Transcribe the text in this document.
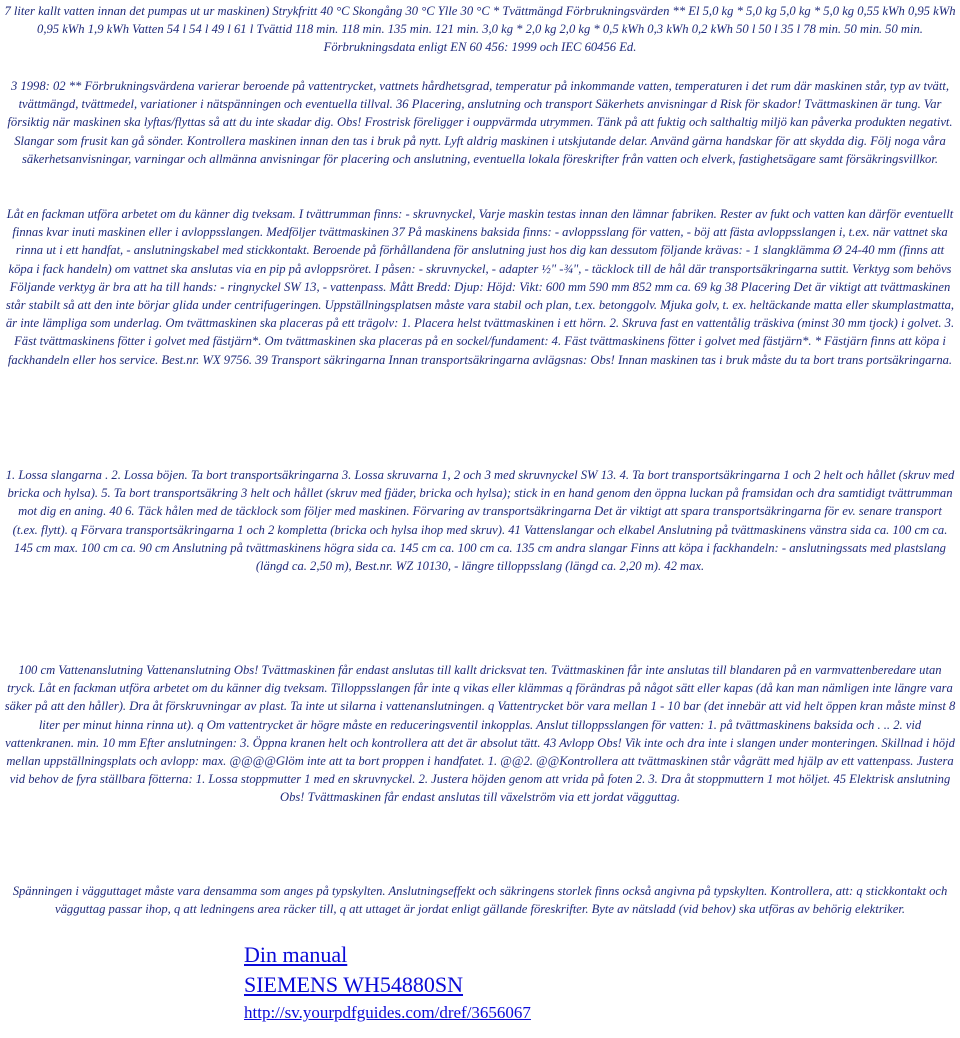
7 liter kallt vatten innan det pumpas ut ur maskinen) Strykfritt 40 °C Skongång 30 °C Ylle 30 °C * Tvättmängd Förbrukningsvärden ** El 5,0 kg * 5,0 kg 5,0 kg * 5,0 kg 0,55 kWh 0,95 kWh 0,95 kWh 1,9 kWh Vatten 54 l 54 l 49 l 61 l Tvättid 118 min. 118 min. 135 min. 121 min. 3,0 kg * 2,0 kg 2,0 kg * 0,5 kWh 0,3 kWh 0,2 kWh 50 l 50 l 35 l 78 min. 50 min. 50 min. Förbrukningsdata enligt EN 60 456: 1999 och IEC 60456 Ed.

3 1998: 02 ** Förbrukningsvärdena varierar beroende på vattentrycket, vattnets hårdhetsgrad, temperatur på inkommande vatten, temperaturen i det rum där maskinen står, typ av tvätt, tvättmängd, tvättmedel, variationer i nätspänningen och eventuella tillval. 36 Placering, anslutning och transport Säkerhets anvisningar d Risk för skador! Tvättmaskinen är tung. Var försiktig när maskinen ska lyftas/flyttas så att du inte skadar dig. Obs! Frostrisk föreligger i ouppvärmda utrymmen. Tänk på att fuktig och salthaltig miljö kan påverka produkten negativt. Slangar som frusit kan gå sönder. Kontrollera maskinen innan den tas i bruk på nytt. Lyft aldrig maskinen i utskjutande delar. Använd gärna handskar för att skydda dig. Följ noga våra säkerhetsanvisningar, varningar och allmänna anvisningar för placering och anslutning, eventuella lokala föreskrifter från vatten och elverk, fastighetsägare samt försäkringsvillkor.

Låt en fackman utföra arbetet om du känner dig tveksam. I tvättrumman finns: - skruvnyckel, Varje maskin testas innan den lämnar fabriken. Rester av fukt och vatten kan därför eventuellt finnas kvar inuti maskinen eller i avloppsslangen. Medföljer tvättmaskinen 37 På maskinens baksida finns: - avloppsslang för vatten, - böj att fästa avloppsslangen i, t.ex. när vattnet ska rinna ut i ett handfat, - anslutningskabel med stickkontakt. Beroende på förhållandena för anslutning just hos dig kan dessutom följande krävas: - 1 slangklämma Ø 24-40 mm (finns att köpa i fack handeln) om vattnet ska anslutas via en pip på avloppsröret. I påsen: - skruvnyckel, - adapter ½" -¾", - täcklock till de hål där transportsäkringarna suttit. Verktyg som behövs Följande verktyg är bra att ha till hands: - ringnyckel SW 13, - vattenpass. Mått Bredd: Djup: Höjd: Vikt: 600 mm 590 mm 852 mm ca. 69 kg 38 Placering Det är viktigt att tvättmaskinen står stabilt så att den inte börjar glida under centrifugeringen. Uppställningsplatsen måste vara stabil och plan, t.ex. betonggolv. Mjuka golv, t. ex. heltäckande matta eller skumplastmatta, är inte lämpliga som underlag. Om tvättmaskinen ska placeras på ett trägolv: 1. Placera helst tvättmaskinen i ett hörn. 2. Skruva fast en vattentålig träskiva (minst 30 mm tjock) i golvet. 3. Fäst tvättmaskinens fötter i golvet med fästjärn*. Om tvättmaskinen ska placeras på en sockel/fundament: 4. Fäst tvättmaskinens fötter i golvet med fästjärn*. * Fästjärn finns att köpa i fackhandeln eller hos service. Best.nr. WX 9756. 39 Transport säkringarna Innan transportsäkringarna avlägsnas: Obs! Innan maskinen tas i bruk måste du ta bort trans portsäkringarna.

1. Lossa slangarna . 2. Lossa böjen. Ta bort transportsäkringarna 3. Lossa skruvarna 1, 2 och 3 med skruvnyckel SW 13. 4. Ta bort transportsäkringarna 1 och 2 helt och hållet (skruv med bricka och hylsa). 5. Ta bort transportsäkring 3 helt och hållet (skruv med fjäder, bricka och hylsa); stick in en hand genom den öppna luckan på framsidan och dra samtidigt tvättrumman mot dig en aning. 40 6. Täck hålen med de täcklock som följer med maskinen. Förvaring av transportsäkringarna Det är viktigt att spara transportsäkringarna för ev. senare transport (t.ex. flytt). q Förvara transportsäkringarna 1 och 2 kompletta (bricka och hylsa ihop med skruv). 41 Vattenslangar och elkabel Anslutning på tvättmaskinens vänstra sida ca. 100 cm ca. 145 cm max. 100 cm ca. 90 cm Anslutning på tvättmaskinens högra sida ca. 145 cm ca. 100 cm ca. 135 cm andra slangar Finns att köpa i fackhandeln: - anslutningssats med plastslang (längd ca. 2,50 m), Best.nr. WZ 10130, - längre tilloppsslang (längd ca. 2,20 m). 42 max.

100 cm Vattenanslutning Vattenanslutning Obs! Tvättmaskinen får endast anslutas till kallt dricksvat ten. Tvättmaskinen får inte anslutas till blandaren på en varmvattenberedare utan tryck. Låt en fackman utföra arbetet om du känner dig tveksam. Tilloppsslangen får inte q vikas eller klämmas q förändras på något sätt eller kapas (då kan man nämligen inte längre vara säker på att den håller). Dra åt förskruvningar av plast. Ta inte ut silarna i vattenanslutningen. q Vattentrycket bör vara mellan 1 - 10 bar (det innebär att vid helt öppen kran måste minst 8 liter per minut hinna rinna ut). q Om vattentrycket är högre måste en reduceringsventil inkopplas. Anslut tilloppsslangen för vatten: 1. på tvättmaskinens baksida och . .. 2. vid vattenkranen. min. 10 mm Efter anslutningen: 3. Öppna kranen helt och kontrollera att det är absolut tätt. 43 Avlopp Obs! Vik inte och dra inte i slangen under monteringen. Skillnad i höjd mellan uppställningsplats och avlopp: max. @@@@Glöm inte att ta bort proppen i handfatet. 1. @@2. @@Kontrollera att tvättmaskinen står vågrätt med hjälp av ett vattenpass. Justera vid behov de fyra ställbara fötterna: 1. Lossa stoppmutter 1 med en skruvnyckel. 2. Justera höjden genom att vrida på foten 2. 3. Dra åt stoppmuttern 1 mot höljet. 45 Elektrisk anslutning Obs! Tvättmaskinen får endast anslutas till växelström via ett jordat vägguttag.

Spänningen i vägguttaget måste vara densamma som anges på typskylten. Anslutningseffekt och säkringens storlek finns också angivna på typskylten. Kontrollera, att: q stickkontakt och vägguttag passar ihop, q att ledningens area räcker till, q att uttaget är jordat enligt gällande föreskrifter. Byte av nätsladd (vid behov) ska utföras av behörig elektriker.

Din manual
SIEMENS WH54880SN
http://sv.yourpdfguides.com/dref/3656067
